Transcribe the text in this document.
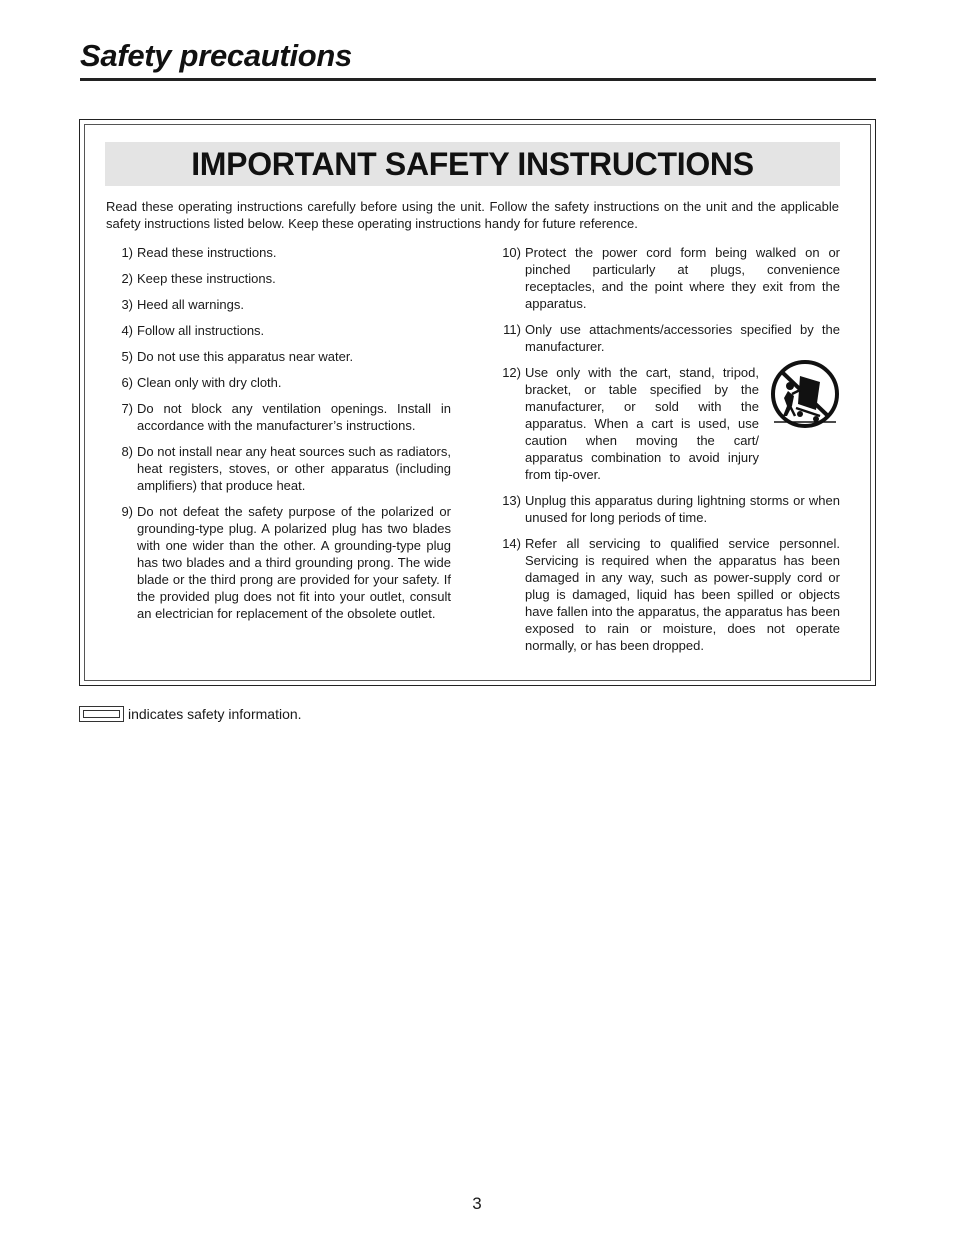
Safety precautions
IMPORTANT SAFETY INSTRUCTIONS

Read these operating instructions carefully before using the unit. Follow the safety instructions on the unit and the applicable safety instructions listed below. Keep these operating instructions handy for future reference.

1) Read these instructions.
2) Keep these instructions.
3) Heed all warnings.
4) Follow all instructions.
5) Do not use this apparatus near water.
6) Clean only with dry cloth.
7) Do not block any ventilation openings. Install in accordance with the manufacturer’s instructions.
8) Do not install near any heat sources such as radiators, heat registers, stoves, or other apparatus (including amplifiers) that produce heat.
9) Do not defeat the safety purpose of the polarized or grounding-type plug. A polarized plug has two blades with one wider than the other. A grounding-type plug has two blades and a third grounding prong. The wide blade or the third prong are provided for your safety. If the provided plug does not fit into your outlet, consult an electrician for replacement of the obsolete outlet.
10) Protect the power cord form being walked on or pinched particularly at plugs, convenience receptacles, and the point where they exit from the apparatus.
11) Only use attachments/accessories specified by the manufacturer.
12) Use only with the cart, stand, tripod, bracket, or table specified by the manufacturer, or sold with the apparatus. When a cart is used, use caution when moving the cart/ apparatus combination to avoid injury from tip-over.
13) Unplug this apparatus during lightning storms or when unused for long periods of time.
14) Refer all servicing to qualified service personnel. Servicing is required when the apparatus has been damaged in any way, such as power-supply cord or plug is damaged, liquid has been spilled or objects have fallen into the apparatus, the apparatus has been exposed to rain or moisture, does not operate normally, or has been dropped.
indicates safety information.
3
